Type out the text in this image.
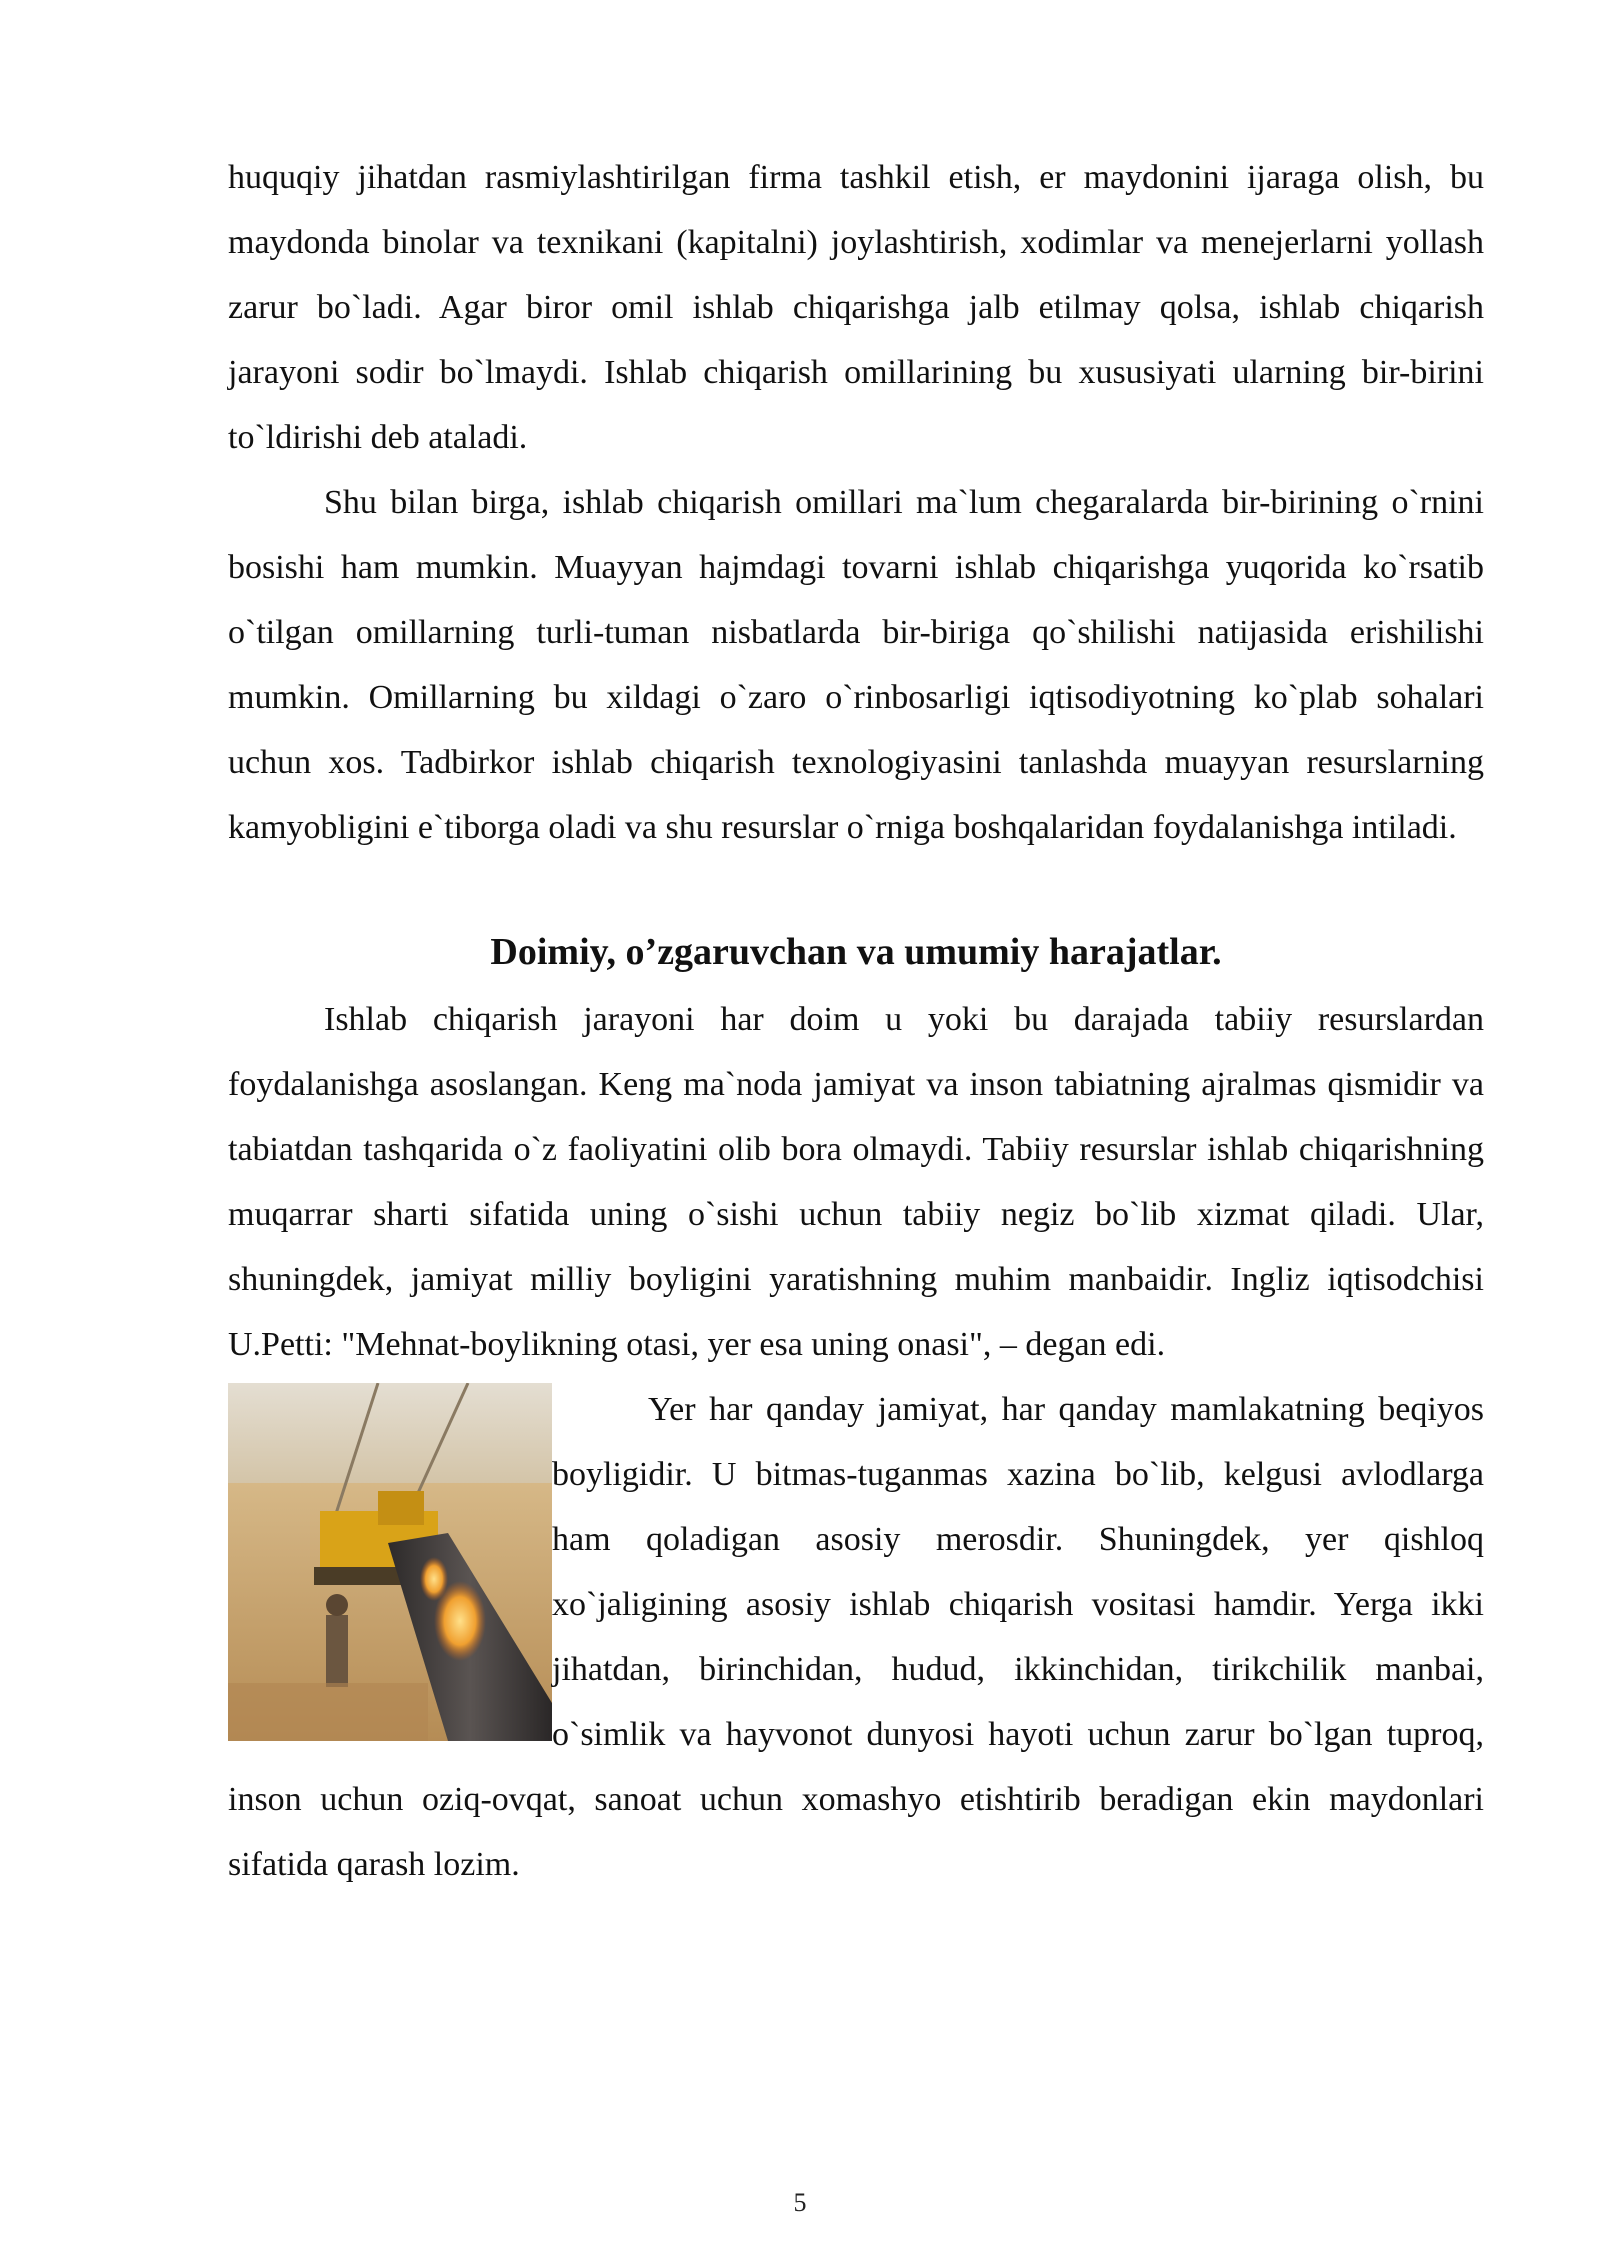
huquqiy jihatdan rasmiylashtirilgan firma tashkil etish, er maydonini ijaraga olish, bu maydonda binolar va texnikani (kapitalni) joylashtirish, xodimlar va menejerlarni yollash zarur bo`ladi. Agar biror omil ishlab chiqarishga jalb etilmay qolsa, ishlab chiqarish jarayoni sodir bo`lmaydi. Ishlab chiqarish omillarining bu xususiyati ularning bir-birini to`ldirishi deb ataladi.

Shu bilan birga, ishlab chiqarish omillari ma`lum chegaralarda bir-birining o`rnini bosishi ham mumkin. Muayyan hajmdagi tovarni ishlab chiqarishga yuqorida ko`rsatib o`tilgan omillarning turli-tuman nisbatlarda bir-biriga qo`shilishi natijasida erishilishi mumkin. Omillarning bu xildagi o`zaro o`rinbosarligi iqtisodiyotning ko`plab sohalari uchun xos. Tadbirkor ishlab chiqarish texnologiyasini tanlashda muayyan resurslarning kamyobligini e`tiborga oladi va shu resurslar o`rniga boshqalaridan foydalanishga intiladi.

Doimiy, o’zgaruvchan va umumiy harajatlar.

Ishlab chiqarish jarayoni har doim u yoki bu darajada tabiiy resurslardan foydalanishga asoslangan. Keng ma`noda jamiyat va inson tabiatning ajralmas qismidir va tabiatdan tashqarida o`z faoliyatini olib bora olmaydi. Tabiiy resurslar ishlab chiqarishning muqarrar sharti sifatida uning o`sishi uchun tabiiy negiz bo`lib xizmat qiladi. Ular, shuningdek, jamiyat milliy boyligini yaratishning muhim manbaidir. Ingliz iqtisodchisi U.Petti: "Mehnat-boylikning otasi, yer esa uning onasi", – degan edi.

Yer har qanday jamiyat, har qanday mamlakatning beqiyos boyligidir. U bitmas-tuganmas xazina bo`lib, kelgusi avlodlarga ham qoladigan asosiy merosdir. Shuningdek, yer qishloq xo`jaligining asosiy ishlab chiqarish vositasi hamdir. Yerga ikki jihatdan, birinchidan, hudud, ikkinchidan, tirikchilik manbai, o`simlik va hayvonot dunyosi hayoti uchun zarur bo`lgan tuproq, inson uchun oziq-ovqat, sanoat uchun xomashyo etishtirib beradigan ekin maydonlari sifatida qarash lozim.

5
